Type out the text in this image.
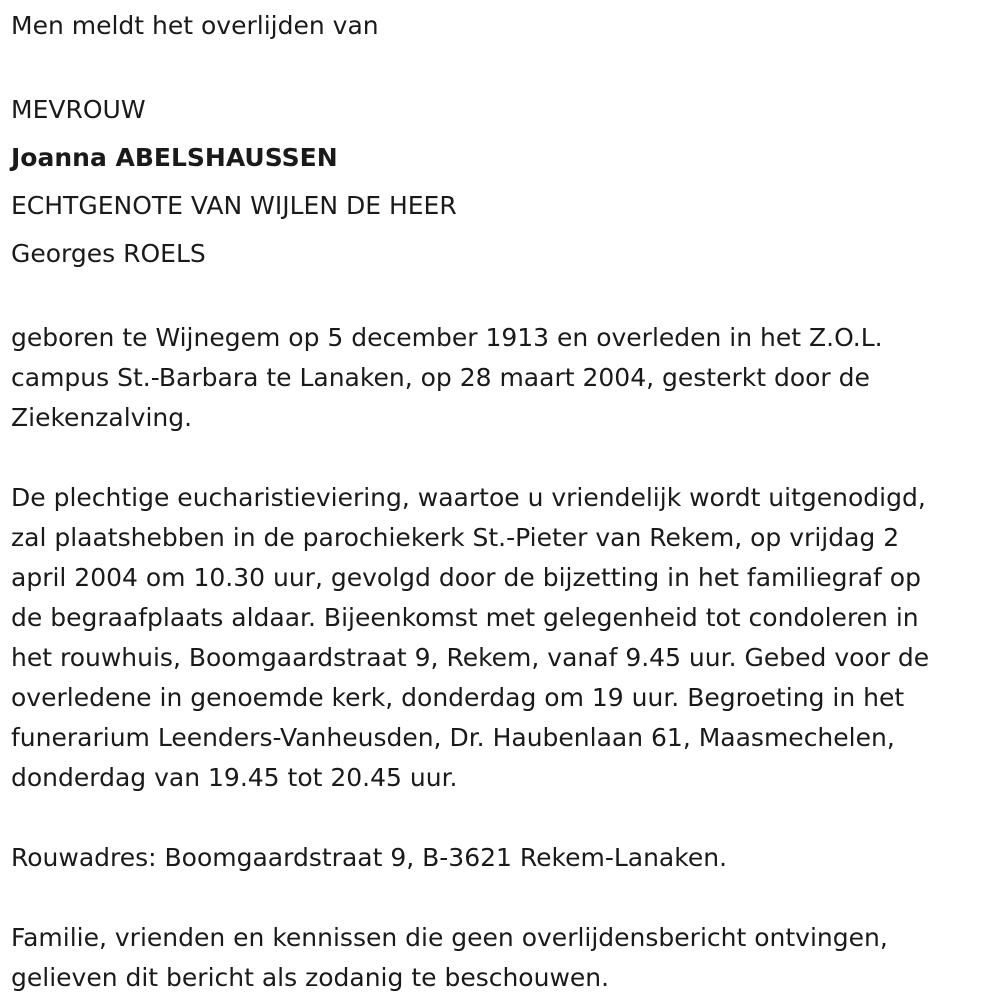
Men meldt het overlijden van

MEVROUW

Joanna ABELSHAUSSEN

ECHTGENOTE VAN WIJLEN DE HEER

Georges ROELS

geboren te Wijnegem op 5 december 1913 en overleden in het Z.O.L.

campus St.-Barbara te Lanaken, op 28 maart 2004, gesterkt door de

Ziekenzalving.

De plechtige eucharistieviering, waartoe u vriendelijk wordt uitgenodigd,

zal plaatshebben in de parochiekerk St.-Pieter van Rekem, op vrijdag 2

april 2004 om 10.30 uur, gevolgd door de bijzetting in het familiegraf op

de begraafplaats aldaar. Bijeenkomst met gelegenheid tot condoleren in

het rouwhuis, Boomgaardstraat 9, Rekem, vanaf 9.45 uur. Gebed voor de

overledene in genoemde kerk, donderdag om 19 uur. Begroeting in het

funerarium Leenders-Vanheusden, Dr. Haubenlaan 61, Maasmechelen,

donderdag van 19.45 tot 20.45 uur.

Rouwadres: Boomgaardstraat 9, B-3621 Rekem-Lanaken.

Familie, vrienden en kennissen die geen overlijdensbericht ontvingen,

gelieven dit bericht als zodanig te beschouwen.
